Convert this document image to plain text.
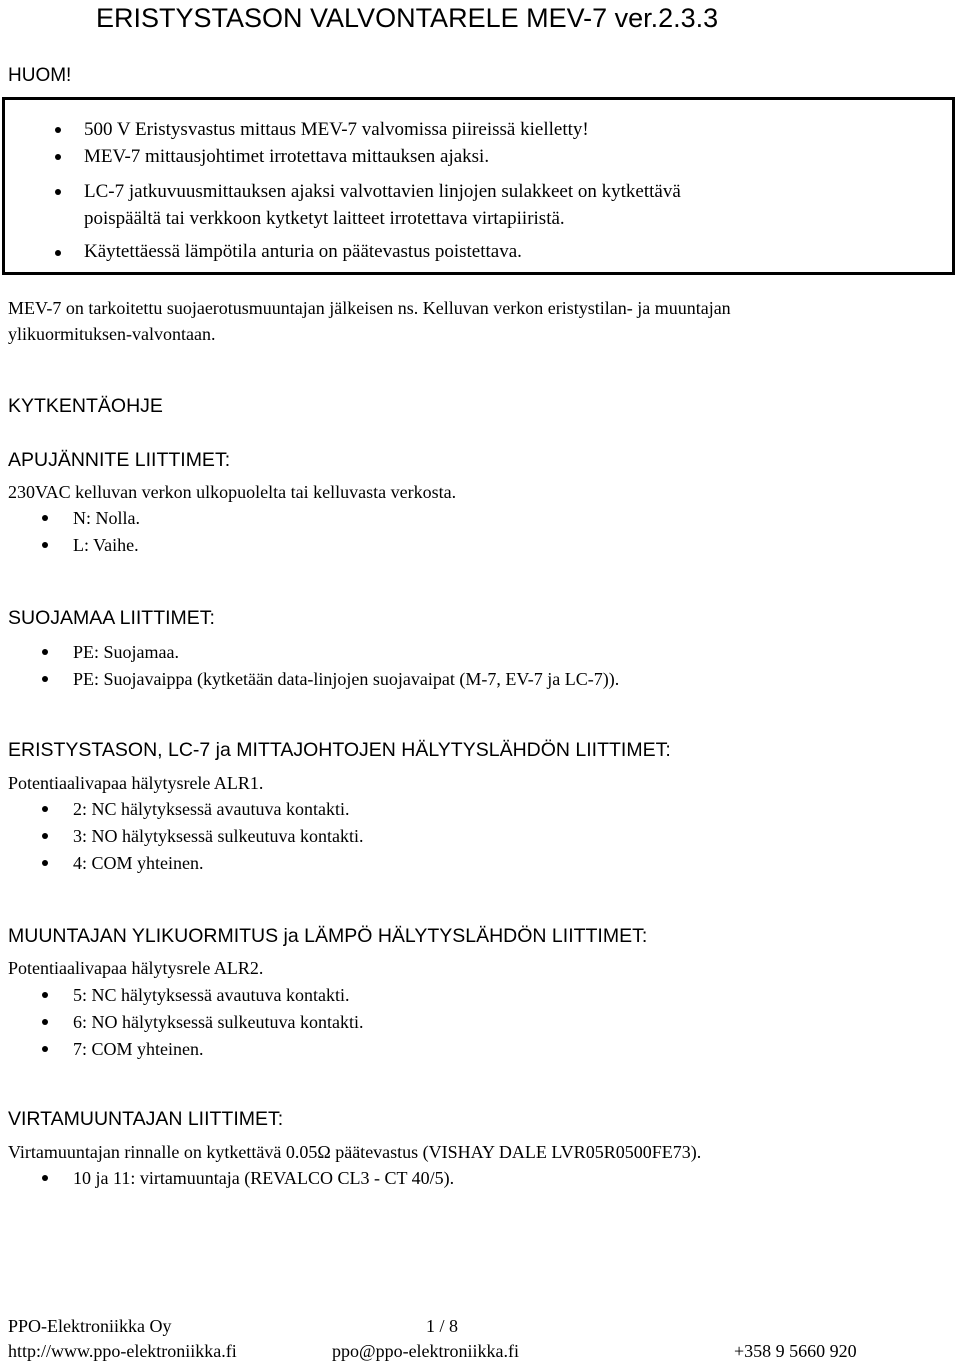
ERISTYSTASON VALVONTARELE MEV-7 ver.2.3.3
HUOM!
500 V Eristysvastus mittaus MEV-7 valvomissa piireissä kielletty!
MEV-7 mittausjohtimet irrotettava mittauksen ajaksi.
LC-7 jatkuvuusmittauksen ajaksi valvottavien linjojen sulakkeet on kytkettävä
poispäältä tai verkkoon kytketyt laitteet irrotettava virtapiiristä.
Käytettäessä lämpötila anturia on päätevastus poistettava.
MEV-7 on tarkoitettu suojaerotusmuuntajan jälkeisen ns. Kelluvan verkon eristystilan- ja muuntajan
ylikuormituksen-valvontaan.
KYTKENTÄOHJE
APUJÄNNITE LIITTIMET:
230VAC kelluvan verkon ulkopuolelta tai kelluvasta verkosta.
N: Nolla.
L: Vaihe.
SUOJAMAA LIITTIMET:
PE: Suojamaa.
PE: Suojavaippa (kytketään data-linjojen suojavaipat (M-7, EV-7 ja LC-7)).
ERISTYSTASON, LC-7 ja MITTAJOHTOJEN HÄLYTYSLÄHDÖN LIITTIMET:
Potentiaalivapaa hälytysrele ALR1.
2: NC hälytyksessä avautuva kontakti.
3: NO hälytyksessä sulkeutuva kontakti.
4: COM yhteinen.
MUUNTAJAN YLIKUORMITUS ja LÄMPÖ HÄLYTYSLÄHDÖN LIITTIMET:
Potentiaalivapaa hälytysrele ALR2.
5: NC hälytyksessä avautuva kontakti.
6: NO hälytyksessä sulkeutuva kontakti.
7: COM yhteinen.
VIRTAMUUNTAJAN LIITTIMET:
Virtamuuntajan rinnalle on kytkettävä 0.05Ω päätevastus (VISHAY DALE LVR05R0500FE73).
10 ja 11: virtamuuntaja (REVALCO CL3 - CT 40/5).
PPO-Elektroniikka Oy	1 / 8
http://www.ppo-elektroniikka.fi	ppo@ppo-elektroniikka.fi	+358 9 5660 920
